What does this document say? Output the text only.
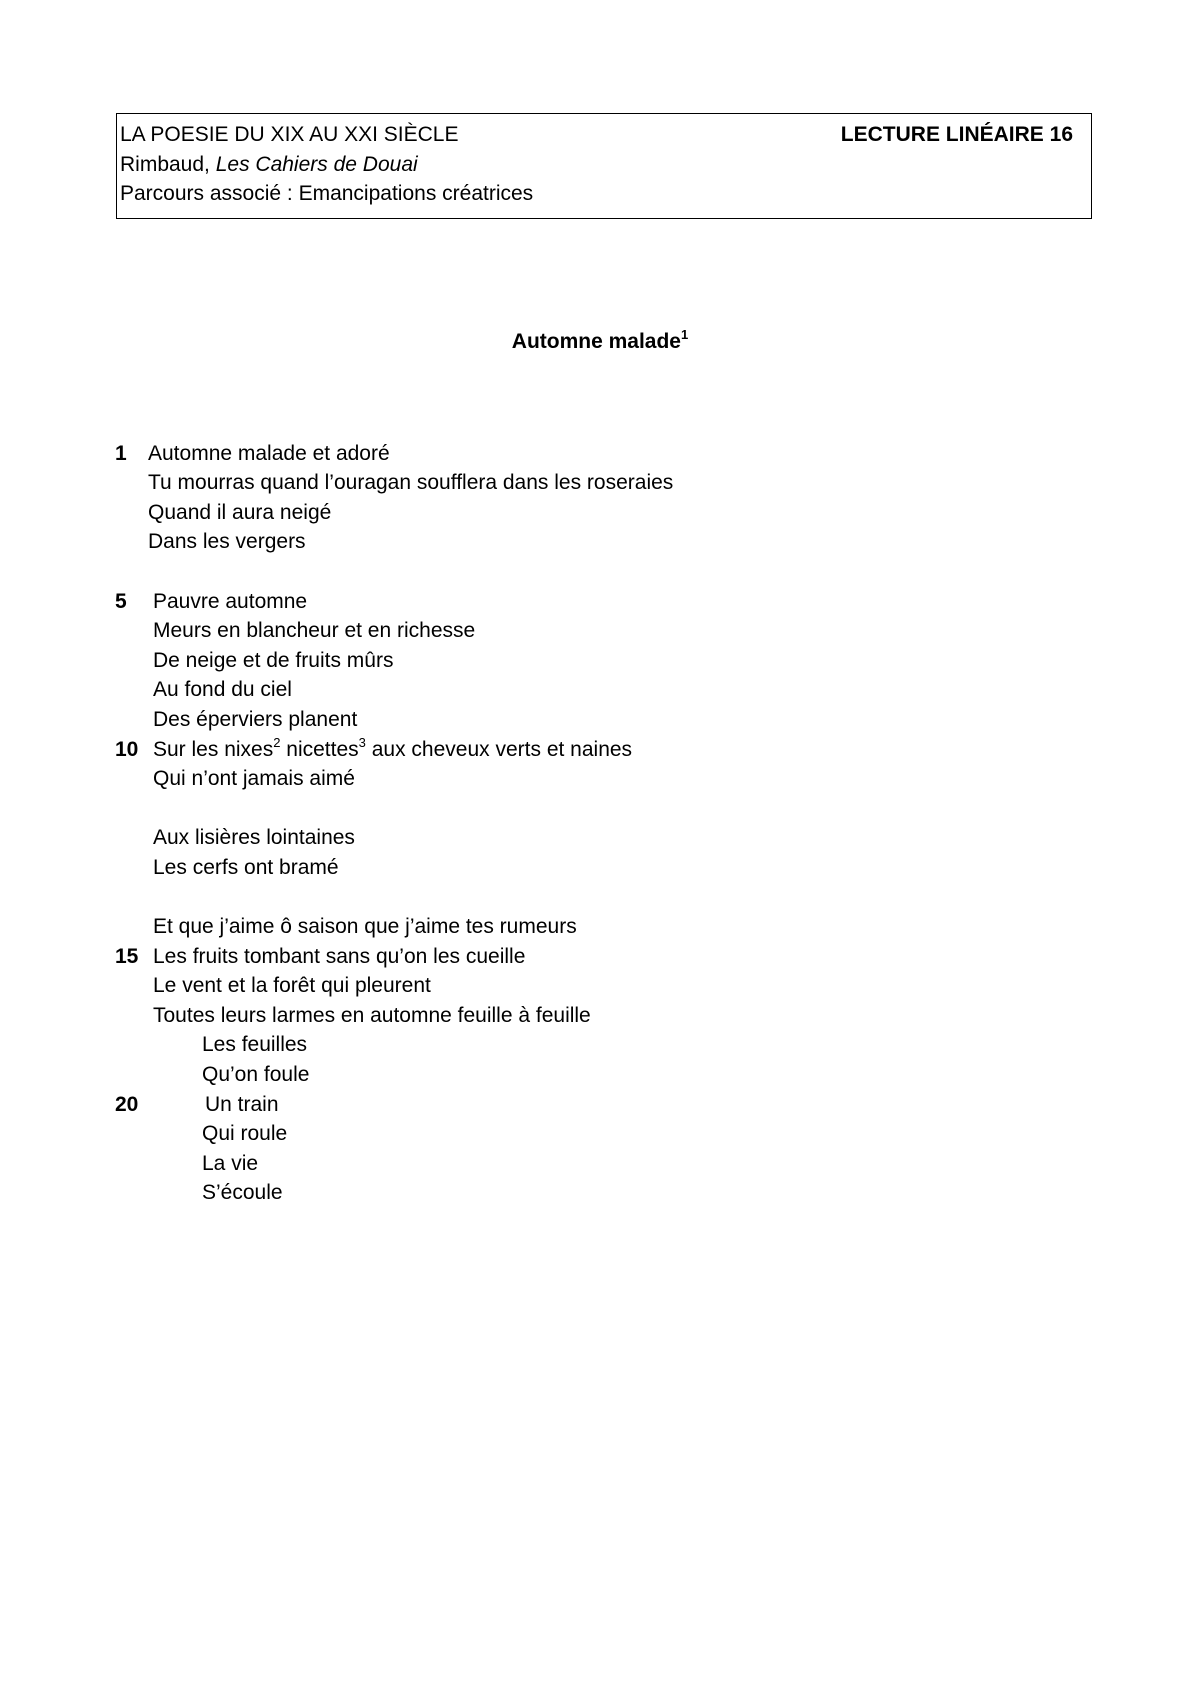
LA POESIE DU XIX AU XXI SIÈCLE	LECTURE LINÉAIRE 16
Rimbaud, Les Cahiers de Douai
Parcours associé : Emancipations créatrices
Automne malade$^1$
1
5
10
15
20
Automne malade et adoré
Tu mourras quand l’ouragan soufflera dans les roseraies
Quand il aura neigé
Dans les vergers
Pauvre automne
Meurs en blancheur et en richesse
De neige et de fruits mûrs
Au fond du ciel
Des éperviers planent
Sur les nixes$^2$ nicettes$^3$ aux cheveux verts et naines
Qui n’ont jamais aimé
Aux lisières lointaines
Les cerfs ont bramé
Et que j’aime ô saison que j’aime tes rumeurs
Les fruits tombant sans qu’on les cueille
Le vent et la forêt qui pleurent
Toutes leurs larmes en automne feuille à feuille
Les feuilles
Qu’on foule
Un train
Qui roule
La vie
S’écoule
